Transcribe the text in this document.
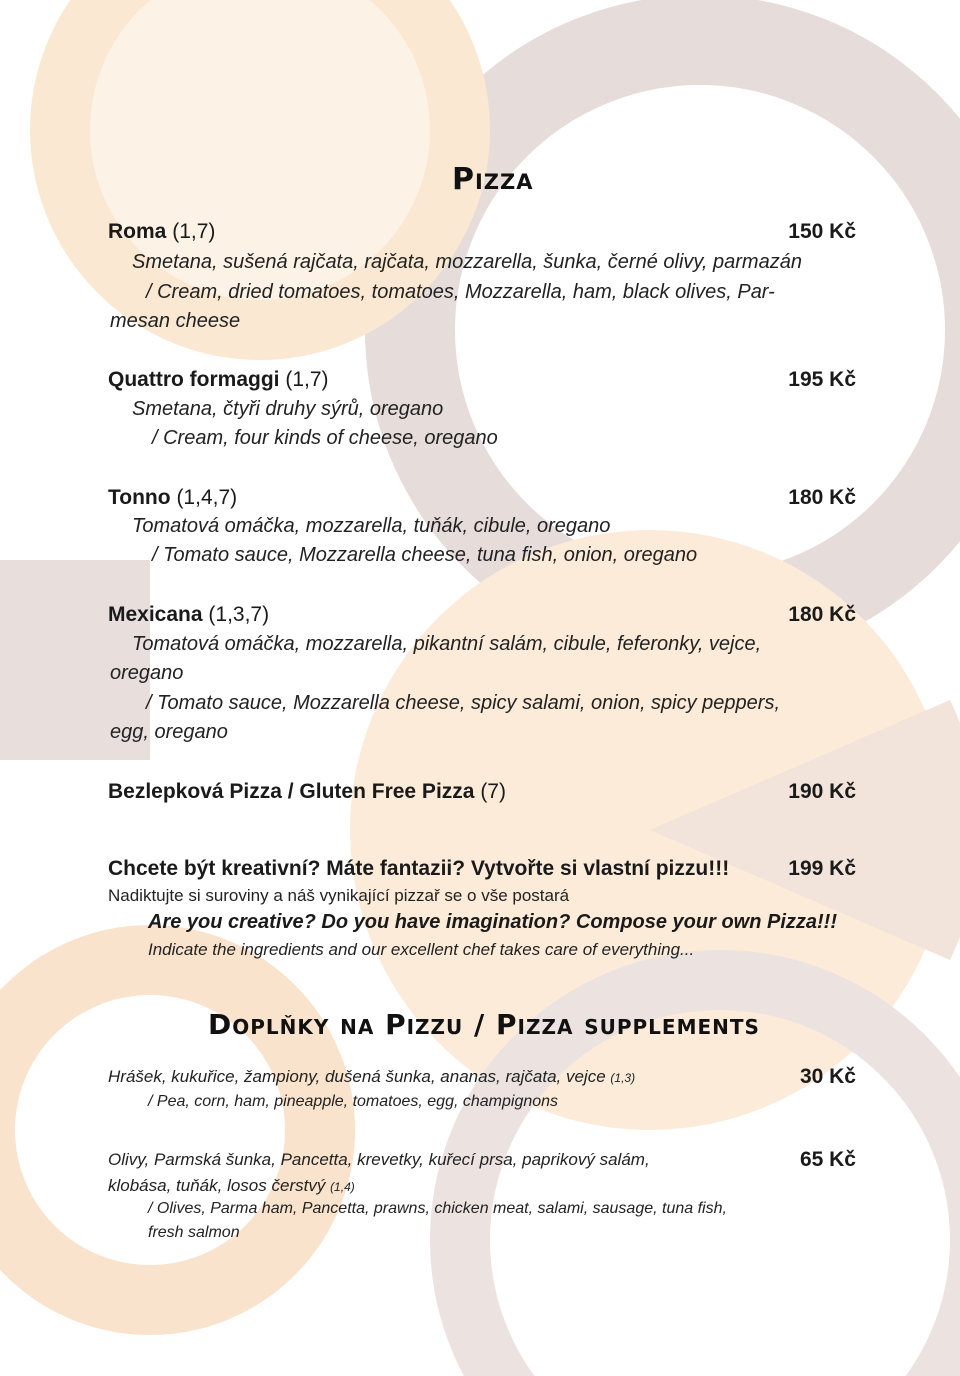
Pizza
Roma (1,7)	150 Kč
Smetana, sušená rajčata, rajčata, mozzarella, šunka, černé olivy, parmazán
/ Cream, dried tomatoes, tomatoes, Mozzarella, ham, black olives, Par-
mesan cheese
Quattro formaggi (1,7)	195 Kč
Smetana, čtyři druhy sýrů, oregano
/ Cream, four kinds of cheese, oregano
Tonno (1,4,7)	180 Kč
Tomatová omáčka, mozzarella, tuňák, cibule, oregano
/ Tomato sauce, Mozzarella cheese, tuna fish, onion, oregano
Mexicana (1,3,7)	180 Kč
Tomatová omáčka, mozzarella, pikantní salám, cibule, feferonky, vejce,
oregano
/ Tomato sauce, Mozzarella cheese, spicy salami, onion, spicy peppers,
egg, oregano
Bezlepková Pizza / Gluten Free Pizza (7)	190 Kč
Chcete být kreativní? Máte fantazii? Vytvořte si vlastní pizzu!!!	199 Kč
Nadiktujte si suroviny a náš vynikající pizzař se o vše postará
Are you creative? Do you have imagination? Compose your own Pizza!!!
Indicate the ingredients and our excellent chef takes care of everything...
Doplňky na Pizzu / Pizza supplements
Hrášek, kukuřice, žampiony, dušená šunka, ananas, rajčata, vejce (1,3)	30 Kč
/ Pea, corn, ham, pineapple, tomatoes, egg, champignons
Olivy, Parmská šunka, Pancetta, krevetky, kuřecí prsa, paprikový salám,	65 Kč
klobása, tuňák, losos čerstvý (1,4)
/ Olives, Parma ham, Pancetta, prawns, chicken meat, salami, sausage, tuna fish,
fresh salmon
